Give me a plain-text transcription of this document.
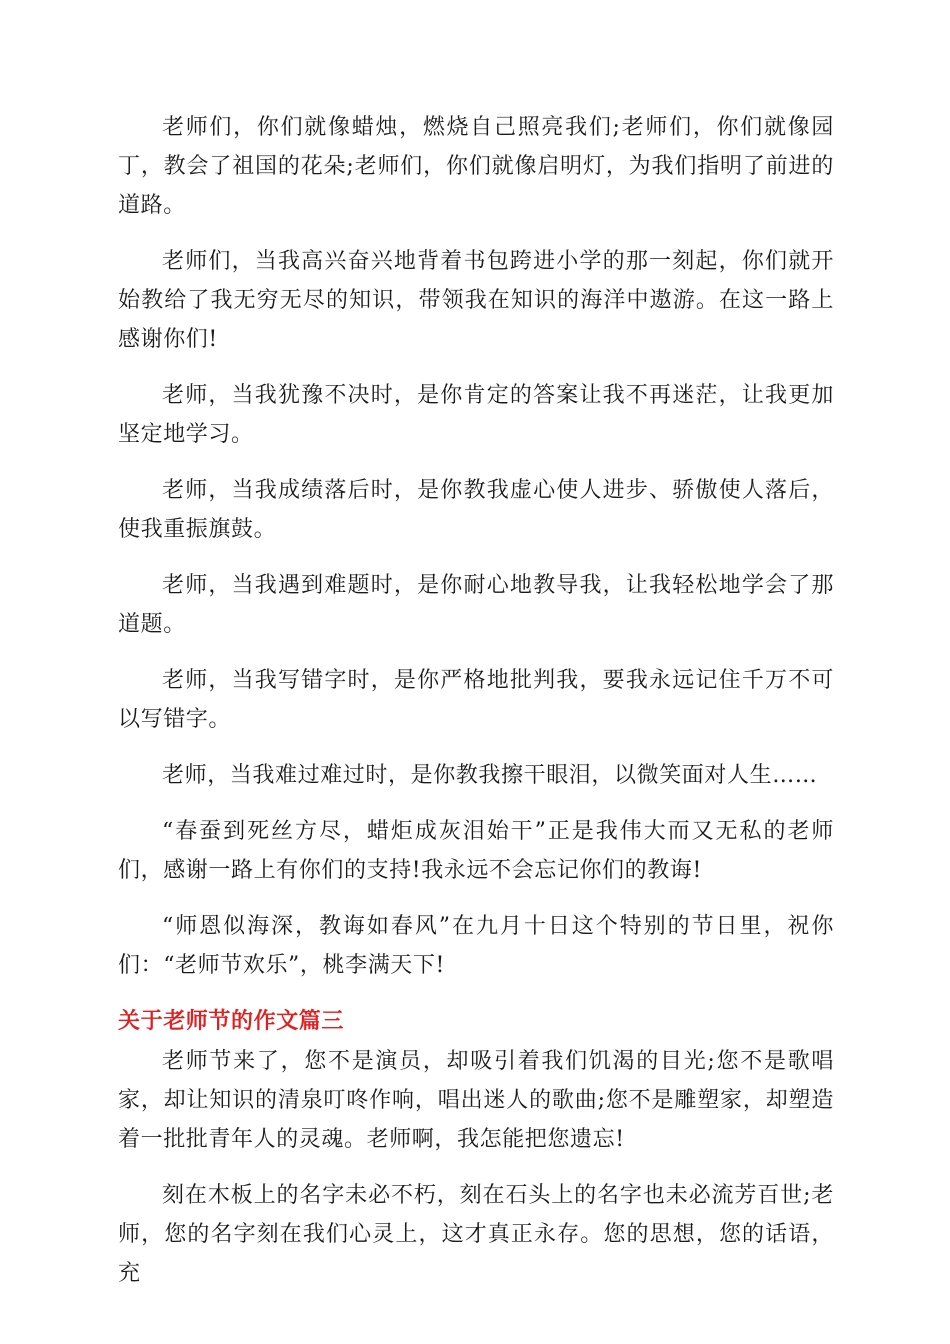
老师们，你们就像蜡烛，燃烧自己照亮我们;老师们，你们就像园丁，教会了祖国的花朵;老师们，你们就像启明灯，为我们指明了前进的道路。

老师们，当我高兴奋兴地背着书包跨进小学的那一刻起，你们就开始教给了我无穷无尽的知识，带领我在知识的海洋中遨游。在这一路上感谢你们!

老师，当我犹豫不决时，是你肯定的答案让我不再迷茫，让我更加坚定地学习。

老师，当我成绩落后时，是你教我虚心使人进步、骄傲使人落后，使我重振旗鼓。

老师，当我遇到难题时，是你耐心地教导我，让我轻松地学会了那道题。

老师，当我写错字时，是你严格地批判我，要我永远记住千万不可以写错字。

老师，当我难过难过时，是你教我擦干眼泪，以微笑面对人生……

“春蚕到死丝方尽，蜡炬成灰泪始干”正是我伟大而又无私的老师们，感谢一路上有你们的支持!我永远不会忘记你们的教诲!

“师恩似海深，教诲如春风”在九月十日这个特别的节日里，祝你们：“老师节欢乐”，桃李满天下!

关于老师节的作文篇三

老师节来了，您不是演员，却吸引着我们饥渴的目光;您不是歌唱家，却让知识的清泉叮咚作响，唱出迷人的歌曲;您不是雕塑家，却塑造着一批批青年人的灵魂。老师啊，我怎能把您遗忘!

刻在木板上的名字未必不朽，刻在石头上的名字也未必流芳百世;老师，您的名字刻在我们心灵上，这才真正永存。您的思想，您的话语，充
